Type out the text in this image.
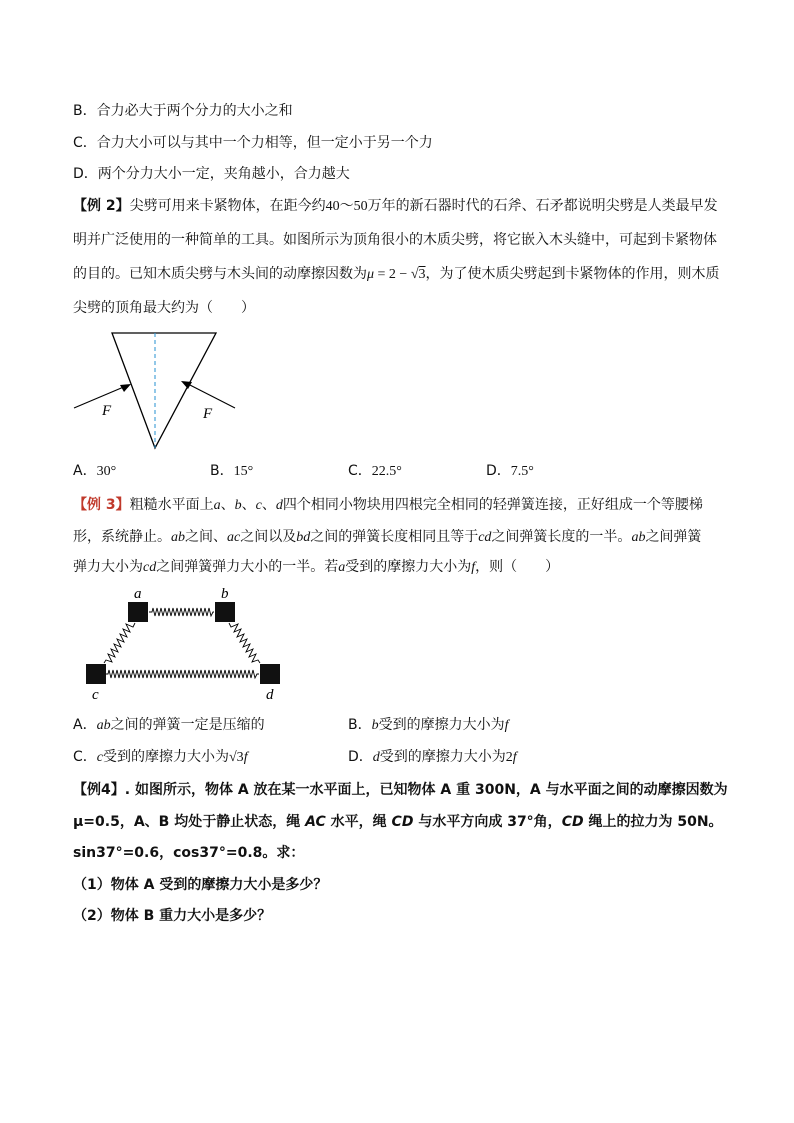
B．合力必大于两个分力的大小之和
C．合力大小可以与其中一个力相等，但一定小于另一个力
D．两个分力大小一定，夹角越小，合力越大
【例 2】尖劈可用来卡紧物体，在距今约40～50万年的新石器时代的石斧、石矛都说明尖劈是人类最早发
明并广泛使用的一种简单的工具。如图所示为顶角很小的木质尖劈，将它嵌入木头缝中，可起到卡紧物体
的目的。已知木质尖劈与木头间的动摩擦因数为μ = 2 − √3，为了使木质尖劈起到卡紧物体的作用，则木质
尖劈的顶角最大约为（　　）
F	F
A．30°	B．15°	C．22.5°	D．7.5°
【例 3】粗糙水平面上a、b、c、d四个相同小物块用四根完全相同的轻弹簧连接，正好组成一个等腰梯
形，系统静止。ab之间、ac之间以及bd之间的弹簧长度相同且等于cd之间弹簧长度的一半。ab之间弹簧
弹力大小为cd之间弹簧弹力大小的一半。若a受到的摩擦力大小为f，则（　　）
a	b
c	d
A．ab之间的弹簧一定是压缩的	B．b受到的摩擦力大小为f
C．c受到的摩擦力大小为√3f	D．d受到的摩擦力大小为2f
【例4】. 如图所示，物体 A 放在某一水平面上，已知物体 A 重 300N，A 与水平面之间的动摩擦因数为
μ=0.5，A、B 均处于静止状态，绳 AC 水平，绳 CD 与水平方向成 37°角，CD 绳上的拉力为 50N。
sin37°=0.6，cos37°=0.8。求：
（1）物体 A 受到的摩擦力大小是多少？
（2）物体 B 重力大小是多少？
